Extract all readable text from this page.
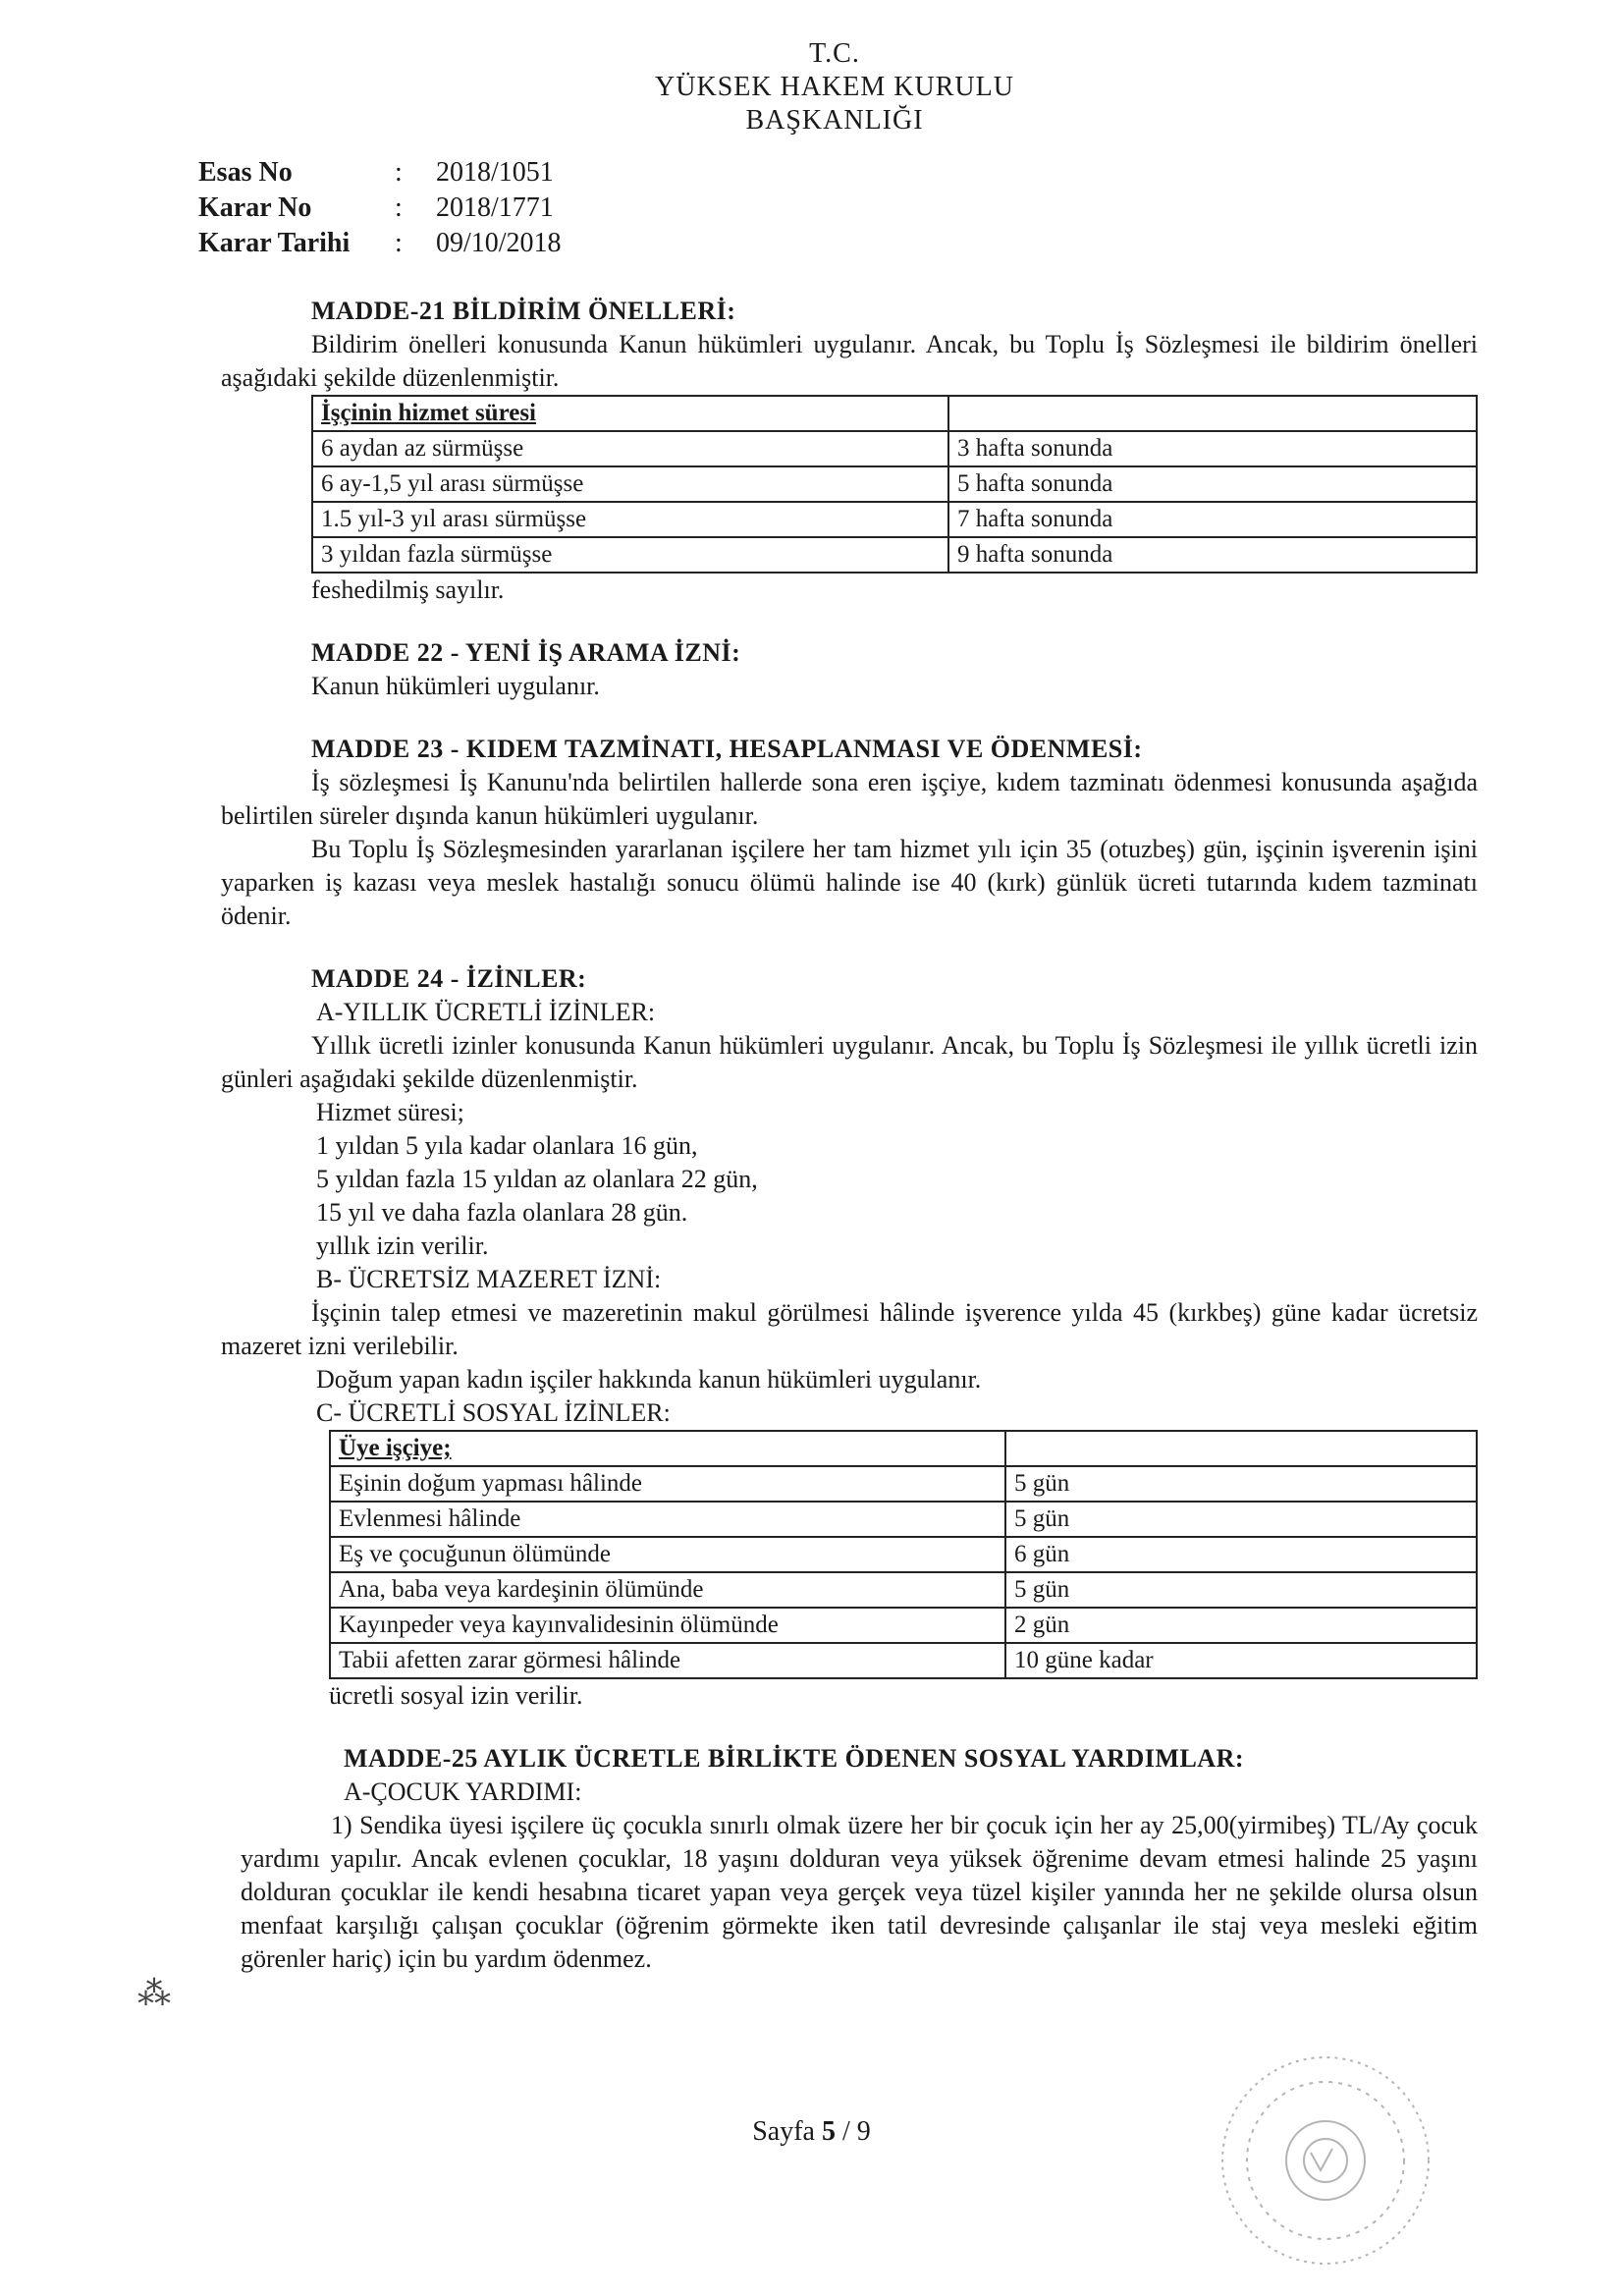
T.C.
YÜKSEK HAKEM KURULU
BAŞKANLIĞI
Esas No	:	2018/1051
Karar No	:	2018/1771
Karar Tarihi	:	09/10/2018
MADDE-21 BİLDİRİM ÖNELLERİ:

Bildirim önelleri konusunda Kanun hükümleri uygulanır. Ancak, bu Toplu İş Sözleşmesi ile bildirim önelleri aşağıdaki şekilde düzenlenmiştir.

İşçinin hizmet süresi	
6 aydan az sürmüşse	3 hafta sonunda
6 ay-1,5 yıl arası sürmüşse	5 hafta sonunda
1.5 yıl-3 yıl arası sürmüşse	7 hafta sonunda
3 yıldan fazla sürmüşse	9 hafta sonunda

feshedilmiş sayılır.

MADDE 22 - YENİ İŞ ARAMA İZNİ:

Kanun hükümleri uygulanır.

MADDE 23 - KIDEM TAZMİNATI, HESAPLANMASI VE ÖDENMESİ:

İş sözleşmesi İş Kanunu'nda belirtilen hallerde sona eren işçiye, kıdem tazminatı ödenmesi konusunda aşağıda belirtilen süreler dışında kanun hükümleri uygulanır.

Bu Toplu İş Sözleşmesinden yararlanan işçilere her tam hizmet yılı için 35 (otuzbeş) gün, işçinin işverenin işini yaparken iş kazası veya meslek hastalığı sonucu ölümü halinde ise 40 (kırk) günlük ücreti tutarında kıdem tazminatı ödenir.

MADDE 24 - İZİNLER:
A-YILLIK ÜCRETLİ İZİNLER:

Yıllık ücretli izinler konusunda Kanun hükümleri uygulanır. Ancak, bu Toplu İş Sözleşmesi ile yıllık ücretli izin günleri aşağıdaki şekilde düzenlenmiştir.

Hizmet süresi;
1 yıldan 5 yıla kadar olanlara 16 gün,
5 yıldan fazla 15 yıldan az olanlara 22 gün,
15 yıl ve daha fazla olanlara 28 gün.
yıllık izin verilir.
B- ÜCRETSİZ MAZERET İZNİ:

İşçinin talep etmesi ve mazeretinin makul görülmesi hâlinde işverence yılda 45 (kırkbeş) güne kadar ücretsiz mazeret izni verilebilir.

Doğum yapan kadın işçiler hakkında kanun hükümleri uygulanır.
C- ÜCRETLİ SOSYAL İZİNLER:
Üye işçiye;	
Eşinin doğum yapması hâlinde	5 gün
Evlenmesi hâlinde	5 gün
Eş ve çocuğunun ölümünde	6 gün
Ana, baba veya kardeşinin ölümünde	5 gün
Kayınpeder veya kayınvalidesinin ölümünde	2 gün
Tabii afetten zarar görmesi hâlinde	10 güne kadar

ücretli sosyal izin verilir.

MADDE-25 AYLIK ÜCRETLE BİRLİKTE ÖDENEN SOSYAL YARDIMLAR:
A-ÇOCUK YARDIMI:

1) Sendika üyesi işçilere üç çocukla sınırlı olmak üzere her bir çocuk için her ay 25,00(yirmibeş) TL/Ay çocuk yardımı yapılır. Ancak evlenen çocuklar, 18 yaşını dolduran veya yüksek öğrenime devam etmesi halinde 25 yaşını dolduran çocuklar ile kendi hesabına ticaret yapan veya gerçek veya tüzel kişiler yanında her ne şekilde olursa olsun menfaat karşılığı çalışan çocuklar (öğrenim görmekte iken tatil devresinde çalışanlar ile staj veya mesleki eğitim görenler hariç) için bu yardım ödenmez.

Sayfa 5 / 9
⁂
